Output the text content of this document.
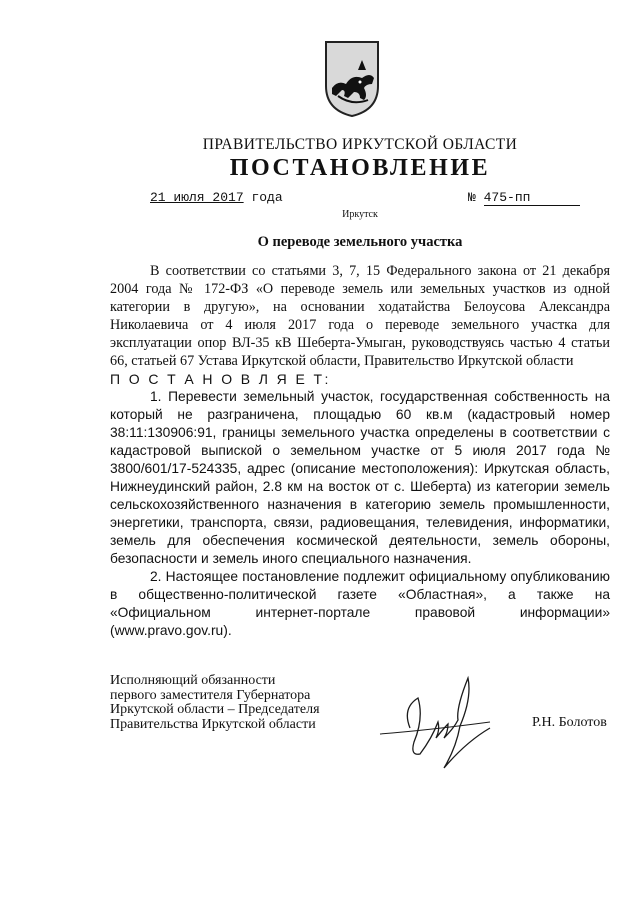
ПРАВИТЕЛЬСТВО ИРКУТСКОЙ ОБЛАСТИ
ПОСТАНОВЛЕНИЕ
21 июля 2017 года	№ 475-пп
Иркутск
О переводе земельного участка

В соответствии со статьями 3, 7, 15 Федерального закона от 21 декабря 2004 года № 172-ФЗ «О переводе земель или земельных участков из одной категории в другую», на основании ходатайства Белоусова Александра Николаевича от 4 июля 2017 года о переводе земельного участка для эксплуатации опор ВЛ-35 кВ Шеберта-Умыган, руководствуясь частью 4 статьи 66, статьей 67 Устава Иркутской области, Правительство Иркутской области

П О С Т А Н О В Л Я Е Т:

1. Перевести земельный участок, государственная собственность на который не разграничена, площадью 60 кв.м (кадастровый номер 38:11:130906:91, границы земельного участка определены в соответствии с кадастровой выпиской о земельном участке от 5 июля 2017 года № 3800/601/17-524335, адрес (описание местоположения): Иркутская область, Нижнеудинский район, 2.8 км на восток от с. Шеберта) из категории земель сельскохозяйственного назначения в категорию земель промышленности, энергетики, транспорта, связи, радиовещания, телевидения, информатики, земель для обеспечения космической деятельности, земель обороны, безопасности и земель иного специального назначения.

2. Настоящее постановление подлежит официальному опубликованию в общественно-политической газете «Областная», а также на «Официальном интернет-портале правовой информации» (www.pravo.gov.ru).

Исполняющий обязанности
первого заместителя Губернатора
Иркутской области – Председателя
Правительства Иркутской области	Р.Н. Болотов
